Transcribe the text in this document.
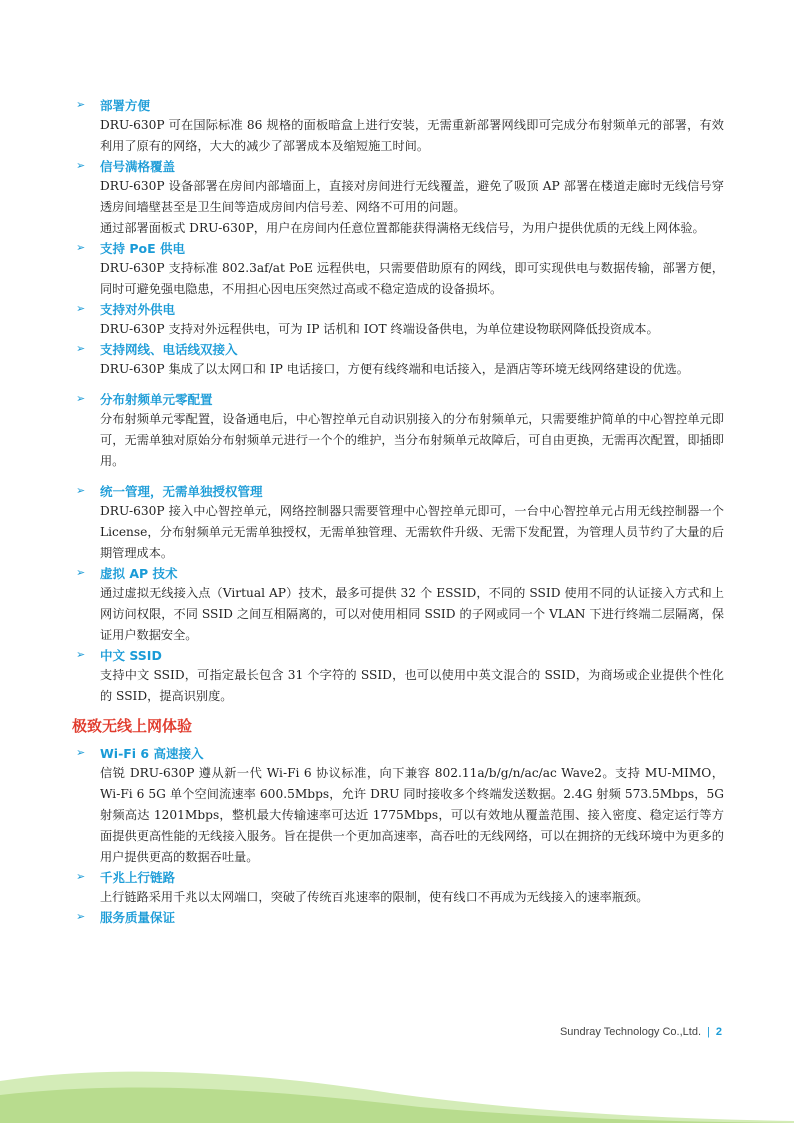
➢ 部署方便
DRU-630P 可在国际标准 86 规格的面板暗盒上进行安装，无需重新部署网线即可完成分布射频单元的部署，有效利用了原有的网络，大大的减少了部署成本及缩短施工时间。
➢ 信号满格覆盖
DRU-630P 设备部署在房间内部墙面上，直接对房间进行无线覆盖，避免了吸顶 AP 部署在楼道走廊时无线信号穿透房间墙壁甚至是卫生间等造成房间内信号差、网络不可用的问题。
通过部署面板式 DRU-630P，用户在房间内任意位置都能获得满格无线信号，为用户提供优质的无线上网体验。
➢ 支持 PoE 供电
DRU-630P 支持标准 802.3af/at PoE 远程供电，只需要借助原有的网线，即可实现供电与数据传输，部署方便，同时可避免强电隐患，不用担心因电压突然过高或不稳定造成的设备损坏。
➢ 支持对外供电
DRU-630P 支持对外远程供电，可为 IP 话机和 IOT 终端设备供电，为单位建设物联网降低投资成本。
➢ 支持网线、电话线双接入
DRU-630P 集成了以太网口和 IP 电话接口，方便有线终端和电话接入，是酒店等环境无线网络建设的优选。
➢ 分布射频单元零配置
分布射频单元零配置，设备通电后，中心智控单元自动识别接入的分布射频单元，只需要维护简单的中心智控单元即可，无需单独对原始分布射频单元进行一个个的维护，当分布射频单元故障后，可自由更换，无需再次配置，即插即用。
➢ 统一管理，无需单独授权管理
DRU-630P 接入中心智控单元，网络控制器只需要管理中心智控单元即可，一台中心智控单元占用无线控制器一个 License，分布射频单元无需单独授权，无需单独管理、无需软件升级、无需下发配置，为管理人员节约了大量的后期管理成本。
➢ 虚拟 AP 技术
通过虚拟无线接入点（Virtual AP）技术，最多可提供 32 个 ESSID，不同的 SSID 使用不同的认证接入方式和上网访问权限，不同 SSID 之间互相隔离的，可以对使用相同 SSID 的子网或同一个 VLAN 下进行终端二层隔离，保证用户数据安全。
➢ 中文 SSID
支持中文 SSID，可指定最长包含 31 个字符的 SSID，也可以使用中英文混合的 SSID，为商场或企业提供个性化的 SSID，提高识别度。
极致无线上网体验
➢ Wi-Fi 6 高速接入
信锐 DRU-630P 遵从新一代 Wi-Fi 6 协议标准，向下兼容 802.11a/b/g/n/ac/ac Wave2。支持 MU-MIMO，Wi-Fi 6 5G 单个空间流速率 600.5Mbps，允许 DRU 同时接收多个终端发送数据。2.4G 射频 573.5Mbps，5G 射频高达 1201Mbps，整机最大传输速率可达近 1775Mbps，可以有效地从覆盖范围、接入密度、稳定运行等方面提供更高性能的无线接入服务。旨在提供一个更加高速率，高吞吐的无线网络，可以在拥挤的无线环境中为更多的用户提供更高的数据吞吐量。
➢ 千兆上行链路
上行链路采用千兆以太网端口，突破了传统百兆速率的限制，使有线口不再成为无线接入的速率瓶颈。
➢ 服务质量保证
Sundray Technology Co.,Ltd. | 2
